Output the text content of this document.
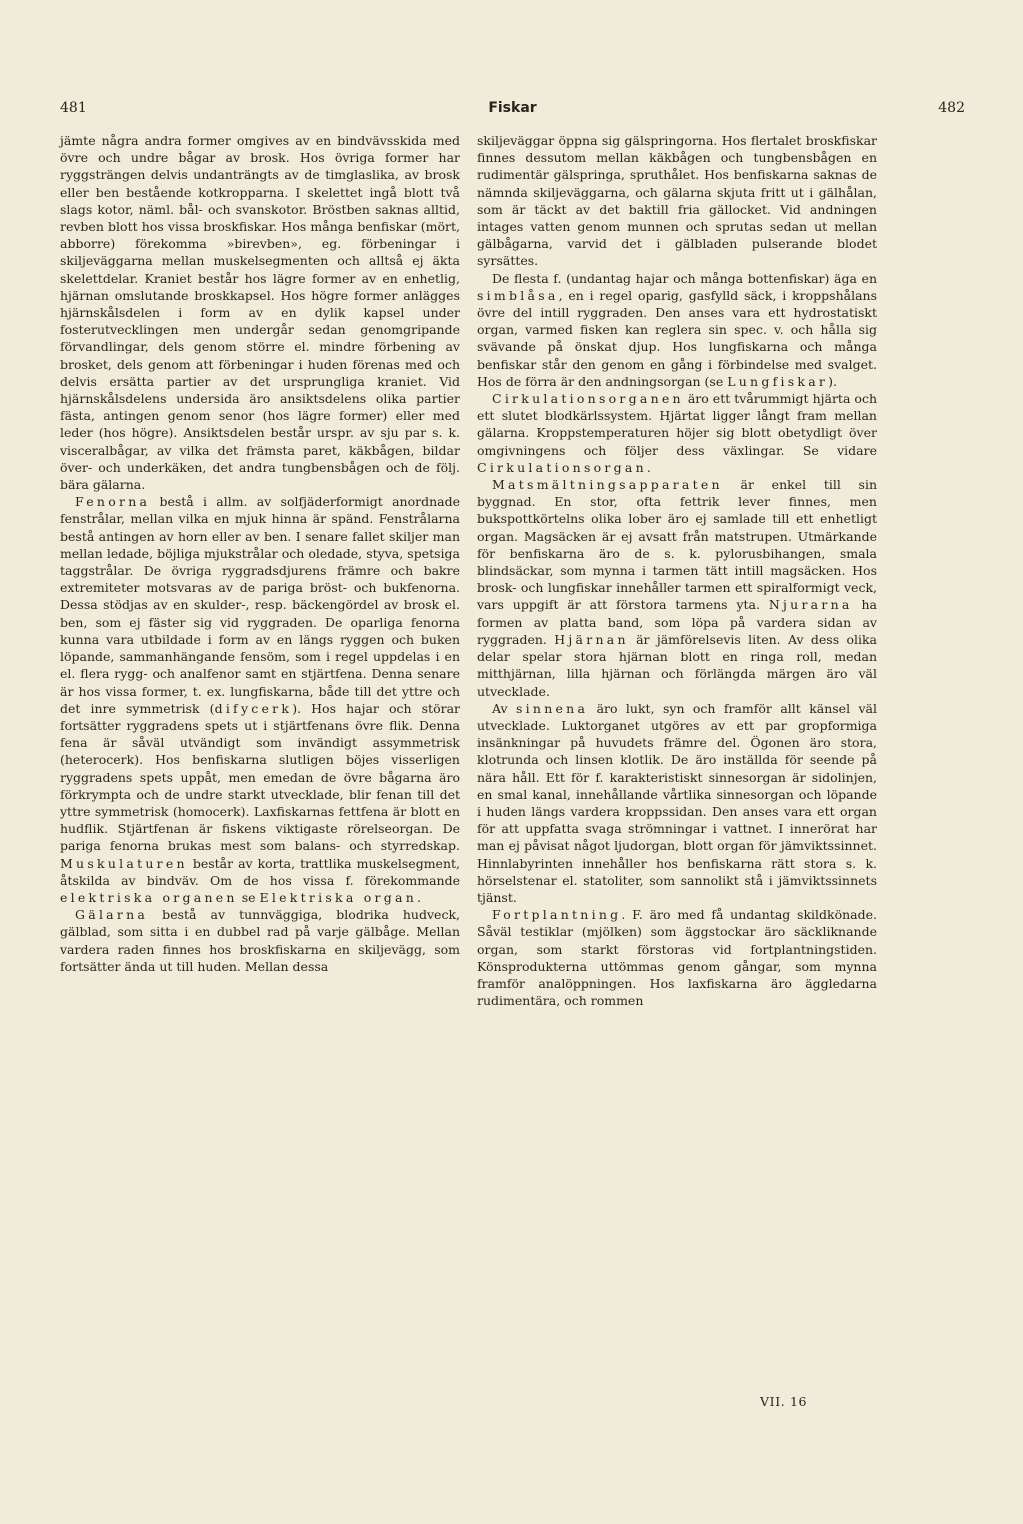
481	Fiskar	482

jämte några andra former omgives av en bindvävsskida med övre och undre bågar av brosk. Hos övriga former har ryggsträngen delvis undanträngts av de timglaslika, av brosk eller ben bestående kotkropparna. I skelettet ingå blott två slags kotor, näml. bål- och svanskotor. Bröstben saknas alltid, revben blott hos vissa broskfiskar. Hos många benfiskar (mört, abborre) förekomma »birevben», eg. förbeningar i skiljeväggarna mellan muskelsegmenten och alltså ej äkta skelettdelar. Kraniet består hos lägre former av en enhetlig, hjärnan omslutande broskkapsel. Hos högre former anlägges hjärnskålsdelen i form av en dylik kapsel under fosterutvecklingen men undergår sedan genomgripande förvandlingar, dels genom större el. mindre förbening av brosket, dels genom att förbeningar i huden förenas med och delvis ersätta partier av det ursprungliga kraniet. Vid hjärnskålsdelens undersida äro ansiktsdelens olika partier fästa, antingen genom senor (hos lägre former) eller med leder (hos högre). Ansiktsdelen består urspr. av sju par s. k. visceralbågar, av vilka det främsta paret, käkbågen, bildar över- och underkäken, det andra tungbensbågen och de följ. bära gälarna.

Fenorna bestå i allm. av solfjäderformigt anordnade fenstrålar, mellan vilka en mjuk hinna är spänd. Fenstrålarna bestå antingen av horn eller av ben. I senare fallet skiljer man mellan ledade, böjliga mjukstrålar och oledade, styva, spetsiga taggstrålar. De övriga ryggradsdjurens främre och bakre extremiteter motsvaras av de pariga bröst- och bukfenorna. Dessa stödjas av en skulder-, resp. bäckengördel av brosk el. ben, som ej fäster sig vid ryggraden. De oparliga fenorna kunna vara utbildade i form av en längs ryggen och buken löpande, sammanhängande fensöm, som i regel uppdelas i en el. flera rygg- och analfenor samt en stjärtfena. Denna senare är hos vissa former, t. ex. lungfiskarna, både till det yttre och det inre symmetrisk (difycerk). Hos hajar och störar fortsätter ryggradens spets ut i stjärtfenans övre flik. Denna fena är såväl utvändigt som invändigt assymmetrisk (heterocerk). Hos benfiskarna slutligen böjes visserligen ryggradens spets uppåt, men emedan de övre bågarna äro förkrympta och de undre starkt utvecklade, blir fenan till det yttre symmetrisk (homocerk). Laxfiskarnas fettfena är blott en hudflik. Stjärtfenan är fiskens viktigaste rörelseorgan. De pariga fenorna brukas mest som balans- och styrredskap. Muskulaturen består av korta, trattlika muskelsegment, åtskilda av bindväv. Om de hos vissa f. förekommande elektriska organen se Elektriska organ.

Gälarna bestå av tunnväggiga, blodrika hudveck, gälblad, som sitta i en dubbel rad på varje gälbåge. Mellan vardera raden finnes hos broskfiskarna en skiljevägg, som fortsätter ända ut till huden. Mellan dessa

skiljeväggar öppna sig gälspringorna. Hos flertalet broskfiskar finnes dessutom mellan käkbågen och tungbensbågen en rudimentär gälspringa, spruthålet. Hos benfiskarna saknas de nämnda skiljeväggarna, och gälarna skjuta fritt ut i gälhålan, som är täckt av det baktill fria gällocket. Vid andningen intages vatten genom munnen och sprutas sedan ut mellan gälbågarna, varvid det i gälbladen pulserande blodet syrsättes.

De flesta f. (undantag hajar och många bottenfiskar) äga en simblåsa, en i regel oparig, gasfylld säck, i kroppshålans övre del intill ryggraden. Den anses vara ett hydrostatiskt organ, varmed fisken kan reglera sin spec. v. och hålla sig svävande på önskat djup. Hos lungfiskarna och många benfiskar står den genom en gång i förbindelse med svalget. Hos de förra är den andningsorgan (se Lungfiskar).

Cirkulationsorganen äro ett tvårummigt hjärta och ett slutet blodkärlssystem. Hjärtat ligger långt fram mellan gälarna. Kroppstemperaturen höjer sig blott obetydligt över omgivningens och följer dess växlingar. Se vidare Cirkulationsorgan.

Matsmältningsapparaten är enkel till sin byggnad. En stor, ofta fettrik lever finnes, men bukspottkörtelns olika lober äro ej samlade till ett enhetligt organ. Magsäcken är ej avsatt från matstrupen. Utmärkande för benfiskarna äro de s. k. pylorusbihangen, smala blindsäckar, som mynna i tarmen tätt intill magsäcken. Hos brosk- och lungfiskar innehåller tarmen ett spiralformigt veck, vars uppgift är att förstora tarmens yta. Njurarna ha formen av platta band, som löpa på vardera sidan av ryggraden. Hjärnan är jämförelsevis liten. Av dess olika delar spelar stora hjärnan blott en ringa roll, medan mitthjärnan, lilla hjärnan och förlängda märgen äro väl utvecklade.

Av sinnena äro lukt, syn och framför allt känsel väl utvecklade. Luktorganet utgöres av ett par gropformiga insänkningar på huvudets främre del. Ögonen äro stora, klotrunda och linsen klotlik. De äro inställda för seende på nära håll. Ett för f. karakteristiskt sinnesorgan är sidolinjen, en smal kanal, innehållande vårtlika sinnesorgan och löpande i huden längs vardera kroppssidan. Den anses vara ett organ för att uppfatta svaga strömningar i vattnet. I innerörat har man ej påvisat något ljudorgan, blott organ för jämviktssinnet. Hinnlabyrinten innehåller hos benfiskarna rätt stora s. k. hörselstenar el. statoliter, som sannolikt stå i jämviktssinnets tjänst.

Fortplantning. F. äro med få undantag skildkönade. Såväl testiklar (mjölken) som äggstockar äro säckliknande organ, som starkt förstoras vid fortplantningstiden. Könsprodukterna uttömmas genom gångar, som mynna framför analöppningen. Hos laxfiskarna äro äggledarna rudimentära, och rommen

VII. 16
